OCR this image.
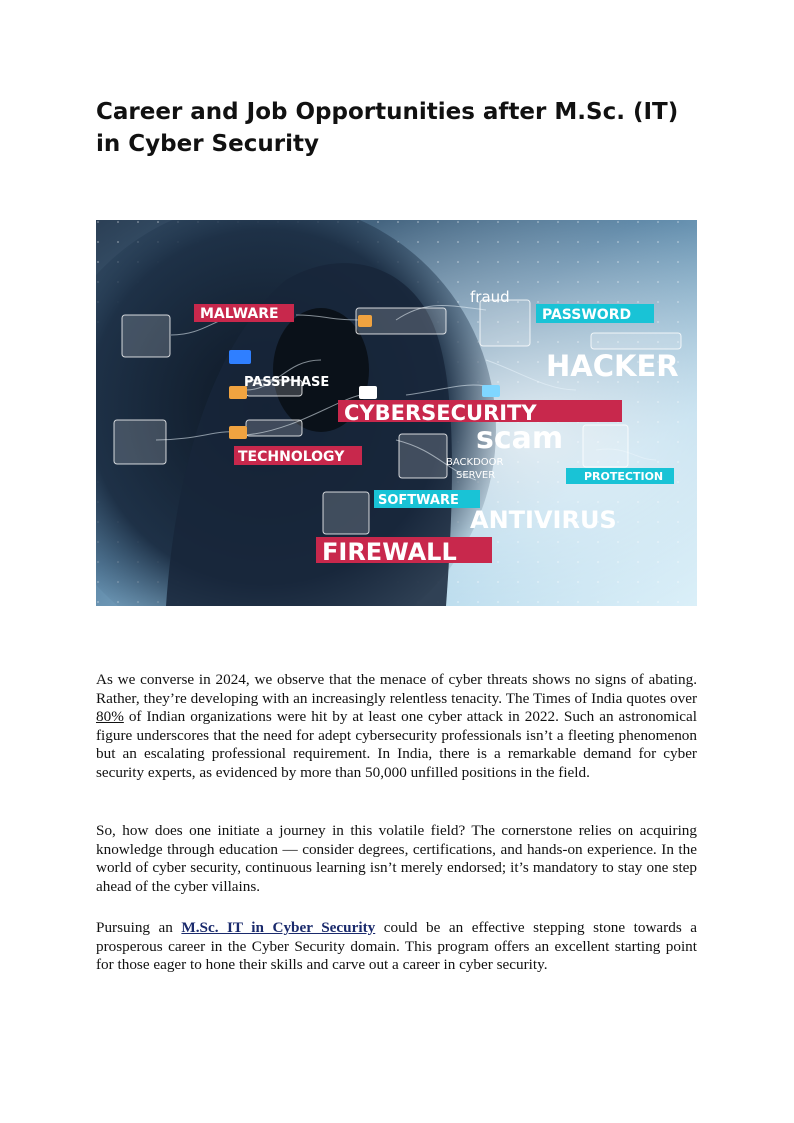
Career and Job Opportunities after M.Sc. (IT) in Cyber Security
MALWARE
fraud
PASSWORD
HACKER
PASSPHASE
CYBERSECURITY
scam
TECHNOLOGY	BACKDOOR
SERVER	PROTECTION
SOFTWARE
ANTIVIRUS
FIREWALL

As we converse in 2024, we observe that the menace of cyber threats shows no signs of abating. Rather, they’re developing with an increasingly relentless tenacity. The Times of India quotes over 80% of Indian organizations were hit by at least one cyber attack in 2022. Such an astronomical figure underscores that the need for adept cybersecurity professionals isn’t a fleeting phenomenon but an escalating professional requirement. In India, there is a remarkable demand for cyber security experts, as evidenced by more than 50,000 unfilled positions in the field.

So, how does one initiate a journey in this volatile field? The cornerstone relies on acquiring knowledge through education — consider degrees, certifications, and hands-on experience. In the world of cyber security, continuous learning isn’t merely endorsed; it’s mandatory to stay one step ahead of the cyber villains.

Pursuing an M.Sc. IT in Cyber Security could be an effective stepping stone towards a prosperous career in the Cyber Security domain. This program offers an excellent starting point for those eager to hone their skills and carve out a career in cyber security.
